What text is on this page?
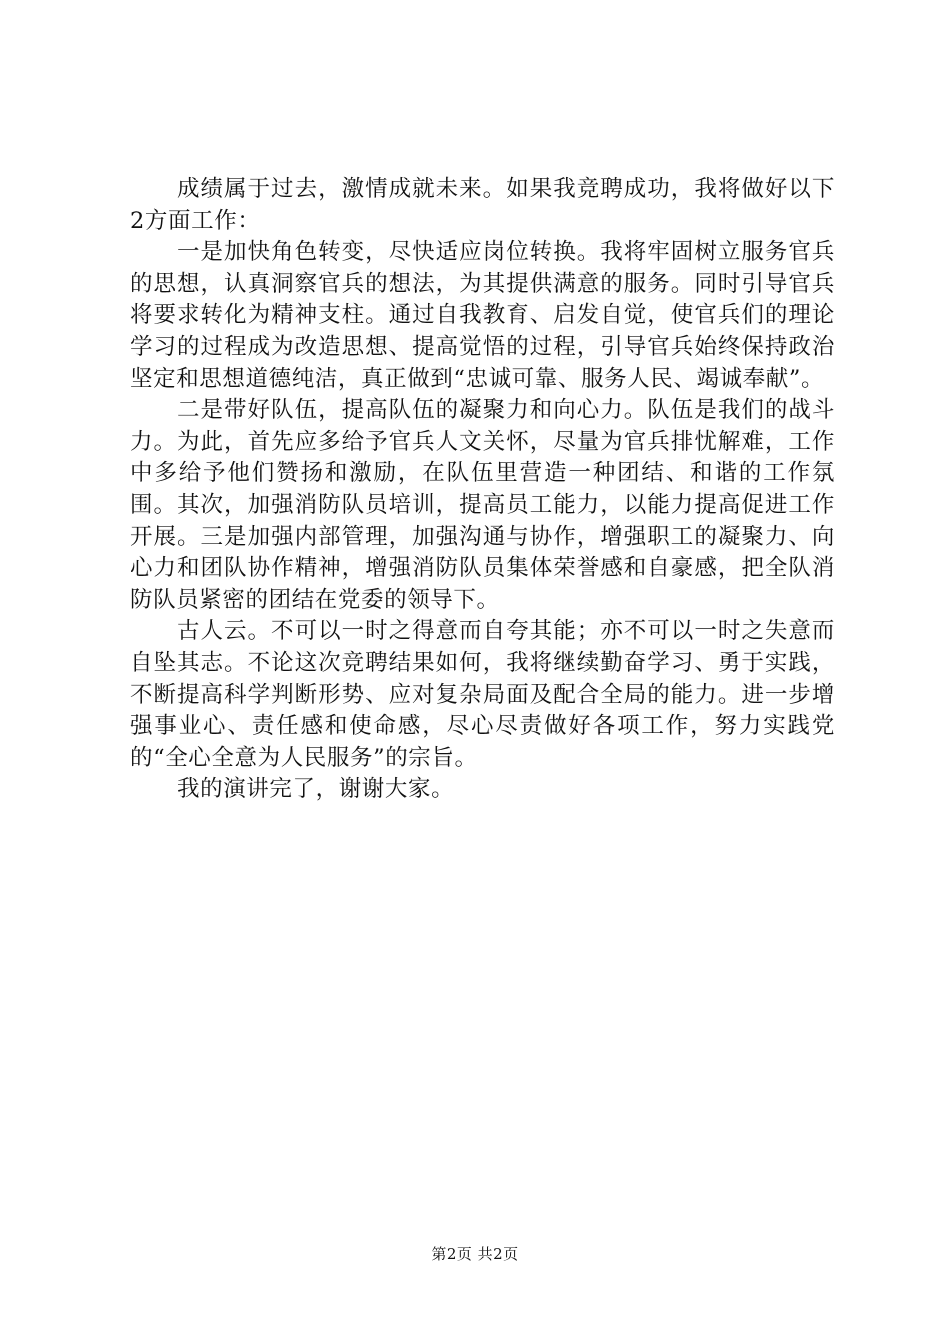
成绩属于过去，激情成就未来。如果我竞聘成功，我将做好以下2方面工作：

一是加快角色转变，尽快适应岗位转换。我将牢固树立服务官兵的思想，认真洞察官兵的想法，为其提供满意的服务。同时引导官兵将要求转化为精神支柱。通过自我教育、启发自觉，使官兵们的理论学习的过程成为改造思想、提高觉悟的过程，引导官兵始终保持政治坚定和思想道德纯洁，真正做到“忠诚可靠、服务人民、竭诚奉献”。

二是带好队伍，提高队伍的凝聚力和向心力。队伍是我们的战斗力。为此，首先应多给予官兵人文关怀，尽量为官兵排忧解难，工作中多给予他们赞扬和激励，在队伍里营造一种团结、和谐的工作氛围。其次，加强消防队员培训，提高员工能力，以能力提高促进工作开展。三是加强内部管理，加强沟通与协作，增强职工的凝聚力、向心力和团队协作精神，增强消防队员集体荣誉感和自豪感，把全队消防队员紧密的团结在党委的领导下。

古人云。不可以一时之得意而自夸其能；亦不可以一时之失意而自坠其志。不论这次竞聘结果如何，我将继续勤奋学习、勇于实践，不断提高科学判断形势、应对复杂局面及配合全局的能力。进一步增强事业心、责任感和使命感，尽心尽责做好各项工作，努力实践党的“全心全意为人民服务”的宗旨。

我的演讲完了，谢谢大家。

第2页 共2页
